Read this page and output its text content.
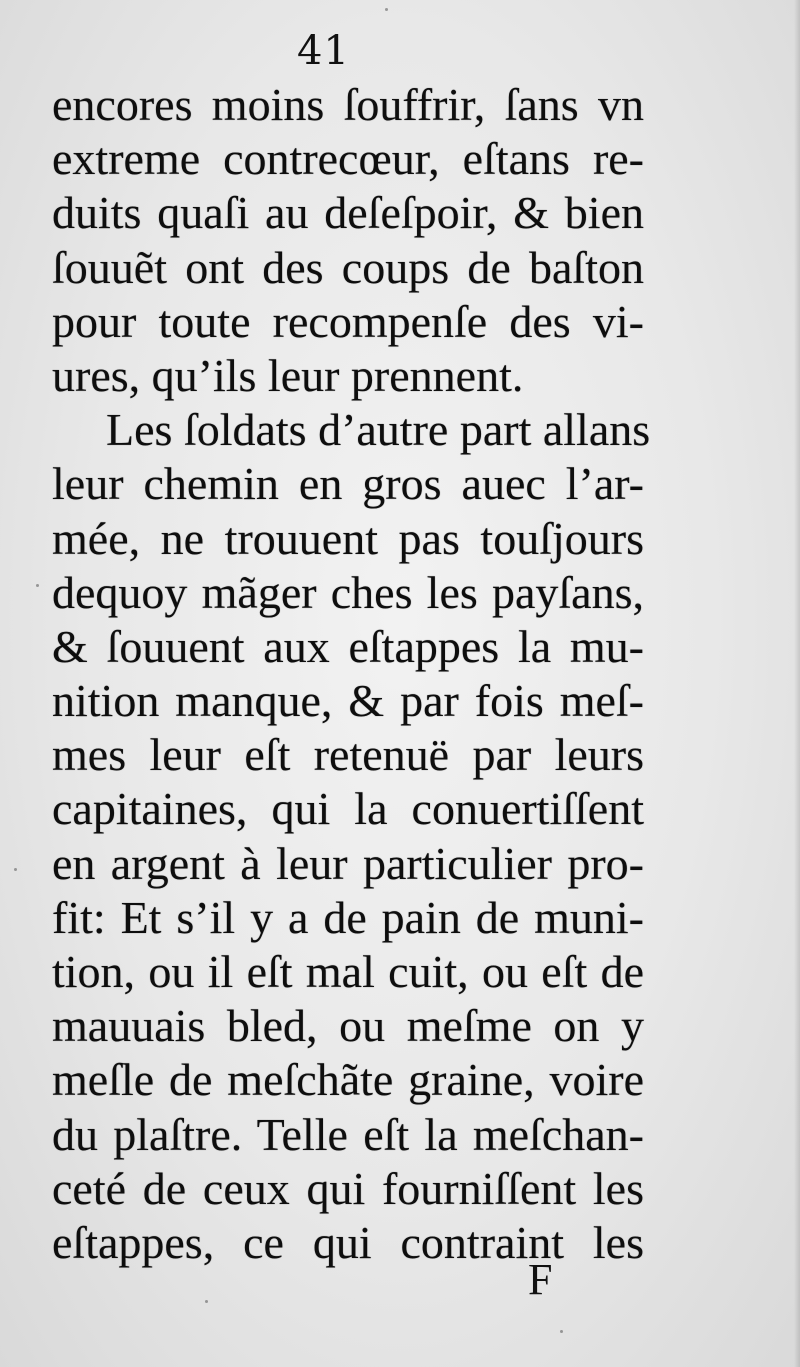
41
encores moins ſouffrir, ſans vn
extreme contrecœur, eſtans re-
duits quaſi au deſeſpoir, & bien
ſouuẽt ont des coups de baſton
pour toute recompenſe des vi-
ures, qu’ils leur prennent.
Les ſoldats d’autre part allans
leur chemin en gros auec l’ar-
mée, ne trouuent pas touſjours
dequoy mãger ches les payſans,
& ſouuent aux eſtappes la mu-
nition manque, & par fois meſ-
mes leur eſt retenuë par leurs
capitaines, qui la conuertiſſent
en argent à leur particulier pro-
fit: Et s’il y a de pain de muni-
tion, ou il eſt mal cuit, ou eſt de
mauuais bled, ou meſme on y
meſle de meſchãte graine, voire
du plaſtre. Telle eſt la meſchan-
ceté de ceux qui fourniſſent les
eſtappes, ce qui contraint les
F
